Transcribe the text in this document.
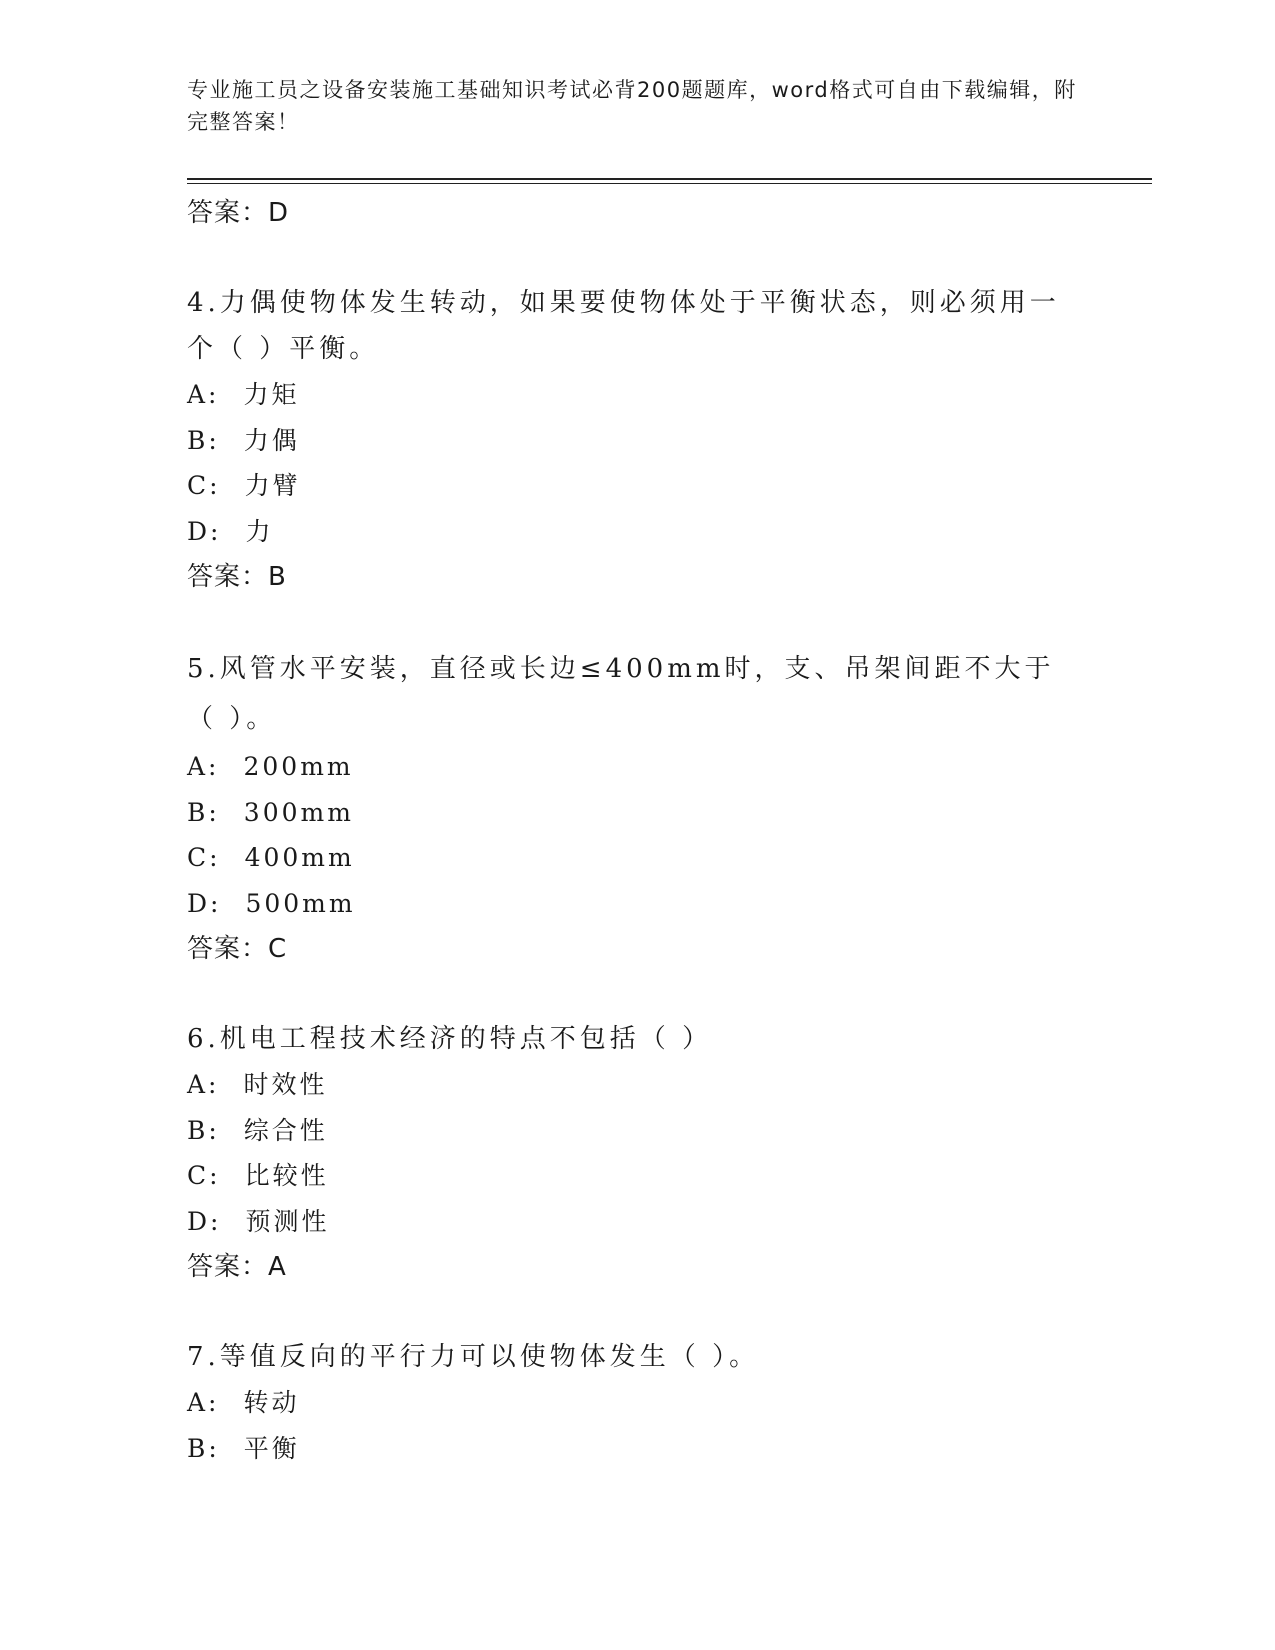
专业施工员之设备安装施工基础知识考试必背200题题库，word格式可自由下载编辑，附完整答案！
答案：D
4.力偶使物体发生转动，如果要使物体处于平衡状态，则必须用一个（ ）平衡。
A: 力矩
B: 力偶
C: 力臂
D: 力
答案：B
5.风管水平安装，直径或长边≤400mm时，支、吊架间距不大于（ ）。
A: 200mm
B: 300mm
C: 400mm
D: 500mm
答案：C
6.机电工程技术经济的特点不包括（ ）
A: 时效性
B: 综合性
C: 比较性
D: 预测性
答案：A
7.等值反向的平行力可以使物体发生（ ）。
A: 转动
B: 平衡
